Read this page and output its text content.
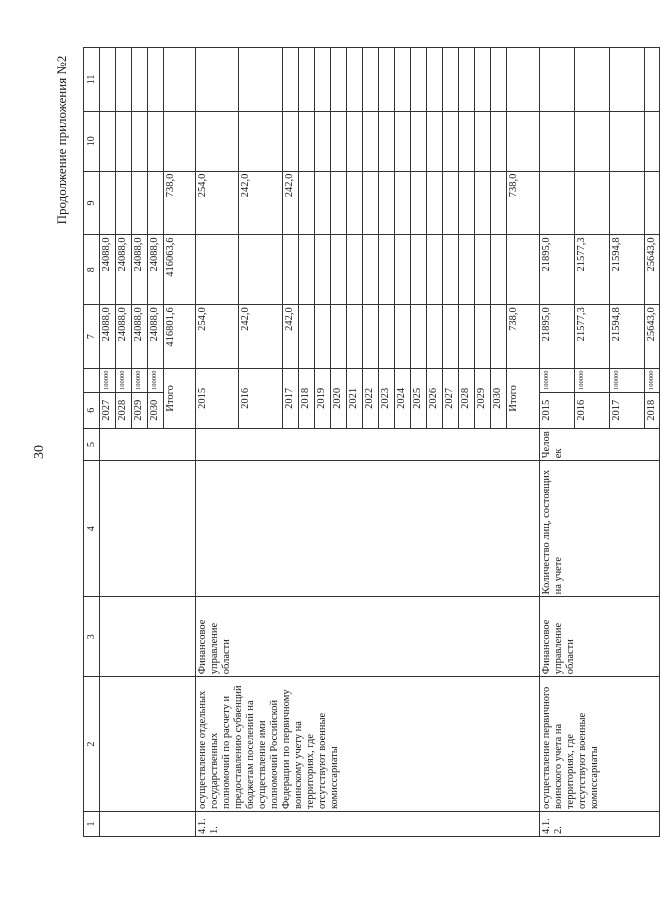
30
Продолжение приложения №2
1	2	3	4	5	6		7	8	9	10	11
					2027	100000	24088,0	24088,0			
					2028	100000	24088,0	24088,0			
					2029	100000	24088,0	24088,0			
					2030	100000	24088,0	24088,0			
					Итого		416801,6	416063,6	738,0		
4.1.1.	осуществление отдельных государственных полномочий по расчету и предоставлению субвенций бюджетам поселений на осуществление ими полномочий Российской Федерации по первичному воинскому учету на территориях, где отсутствуют военные комиссариаты	Финансовое управление области			2015		254,0		254,0		
					2016		242,0		242,0		
					2017		242,0		242,0		
					2018						
					2019						
					2020						
					2021						
					2022						
					2023						
					2024						
					2025						
					2026						
					2027						
					2028						
					2029						
					2030						
					Итого		738,0		738,0		
4.1.2.	осуществление первичного воинского учета на территориях, где отсутствуют военные комиссариаты	Финансовое управление области	Количество лиц, состоящих на учете	Человек	2015	100000	21895,0	21895,0			
					2016	100000	21577,3	21577,3			
					2017	100000	21594,8	21594,8			
					2018	100000	25643,0	25643,0			
